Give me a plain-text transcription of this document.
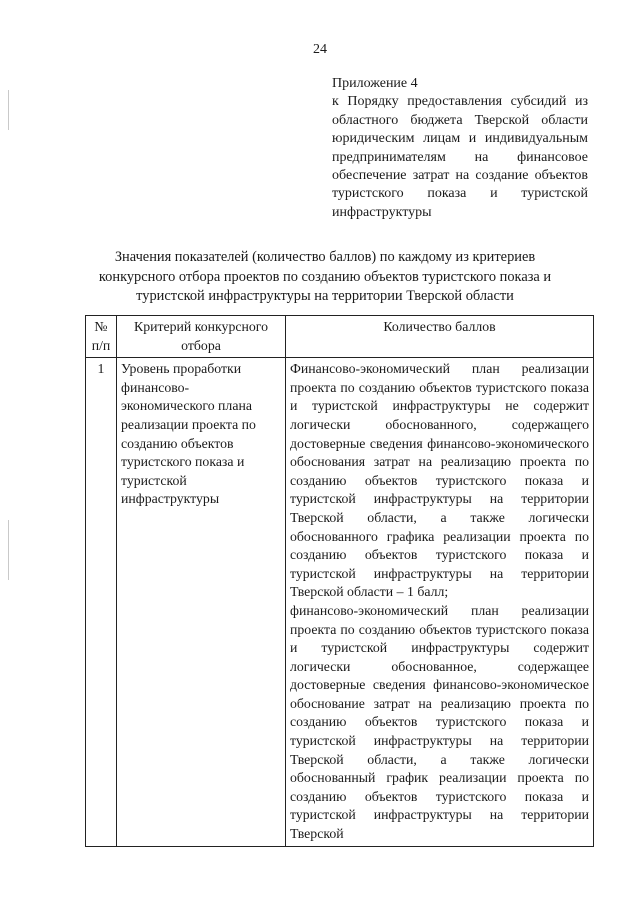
24
Приложение 4
к Порядку предоставления субсидий из областного бюджета Тверской области юридическим лицам и индивидуальным предпринимателям на финансовое обеспечение затрат на создание объектов туристского показа и туристской инфраструктуры
Значения показателей (количество баллов) по каждому из критериев конкурсного отбора проектов по созданию объектов туристского показа и туристской инфраструктуры на территории Тверской области
№ п/п	Критерий конкурсного отбора	Количество баллов
1	Уровень проработки финансово-экономического плана реализации проекта по созданию объектов туристского показа и туристской инфраструктуры	Финансово-экономический план реализации проекта по созданию объектов туристского показа и туристской инфраструктуры не содержит логически обоснованного, содержащего достоверные сведения финансово-экономического обоснования затрат на реализацию проекта по созданию объектов туристского показа и туристской инфраструктуры на территории Тверской области, а также логически обоснованного графика реализации проекта по созданию объектов туристского показа и туристской инфраструктуры на территории Тверской области – 1 балл;

финансово-экономический план реализации проекта по созданию объектов туристского показа и туристской инфраструктуры содержит логически обоснованное, содержащее достоверные сведения финансово-экономическое обоснование затрат на реализацию проекта по созданию объектов туристского показа и туристской инфраструктуры на территории Тверской области, а также логически обоснованный график реализации проекта по созданию объектов туристского показа и туристской инфраструктуры на территории Тверской
